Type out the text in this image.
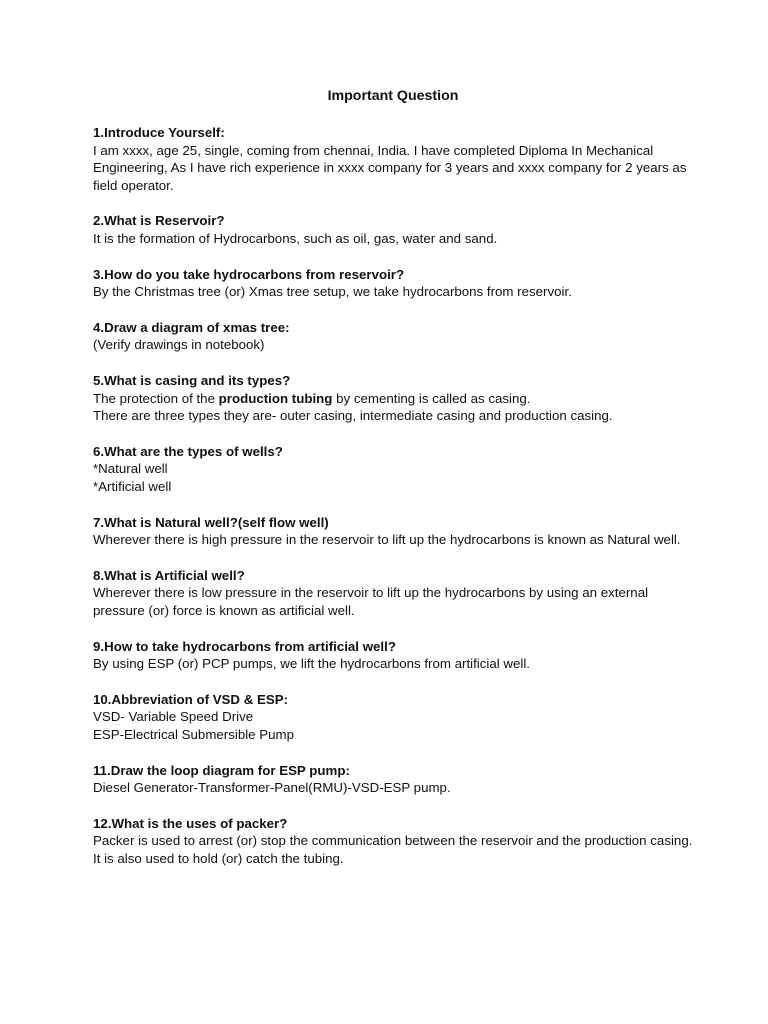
Important Question
1.Introduce Yourself:
I am xxxx, age 25, single, coming from chennai, India. I have completed Diploma In Mechanical Engineering, As I have rich experience in xxxx company for 3 years and xxxx company for 2 years as field operator.
2.What is Reservoir?
It is the formation of Hydrocarbons, such as oil, gas, water and sand.
3.How do you take hydrocarbons from reservoir?
By the Christmas tree (or) Xmas tree setup, we take hydrocarbons from reservoir.
4.Draw a diagram of xmas tree:
(Verify drawings in notebook)
5.What is casing and its types?
The protection of the production tubing by cementing is called as casing.
There are three types they are- outer casing, intermediate casing and production casing.
6.What are the types of wells?
*Natural well
*Artificial well
7.What is Natural well?(self flow well)
Wherever there is high pressure in the reservoir to lift up the hydrocarbons is known as Natural well.
8.What is Artificial well?
Wherever there is low pressure in the reservoir to lift up the hydrocarbons by using an external pressure (or) force is known as artificial well.
9.How to take hydrocarbons from artificial well?
By using ESP (or) PCP pumps, we lift the hydrocarbons from artificial well.
10.Abbreviation of VSD & ESP:
VSD- Variable Speed Drive
ESP-Electrical Submersible Pump
11.Draw the loop diagram for ESP pump:
Diesel Generator-Transformer-Panel(RMU)-VSD-ESP pump.
12.What is the uses of packer?
Packer is used to arrest (or) stop the communication between the reservoir and the production casing. It is also used to hold (or) catch the tubing.
